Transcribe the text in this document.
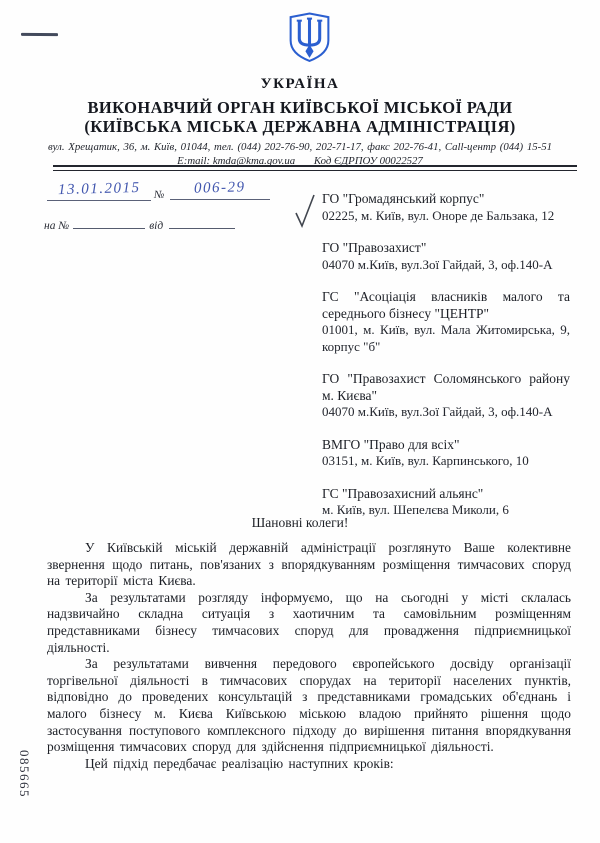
УКРАЇНА
ВИКОНАВЧИЙ ОРГАН КИЇВСЬКОЇ МІСЬКОЇ РАДИ
(КИЇВСЬКА МІСЬКА ДЕРЖАВНА АДМІНІСТРАЦІЯ)
вул. Хрещатик, 36, м. Київ, 01044, тел. (044) 202-76-90, 202-71-17, факс 202-76-41, Call-центр (044) 15-51
E:mail: kmda@kma.gov.ua Код ЄДРПОУ 00022527
13.01.2015	№	006-29
на №	від
ГО "Громадянський корпус"
02225, м. Київ, вул. Оноре де Бальзака, 12
ГО "Правозахист"
04070 м.Київ, вул.Зої Гайдай, 3, оф.140-А
ГС "Асоціація власників малого та середнього бізнесу "ЦЕНТР"
01001, м. Київ, вул. Мала Житомирська, 9, корпус "б"
ГО "Правозахист Соломянського району м. Києва"
04070 м.Київ, вул.Зої Гайдай, 3, оф.140-А
ВМГО "Право для всіх"
03151, м. Київ, вул. Карпинського, 10
ГС "Правозахисний альянс"
м. Київ, вул. Шепелєва Миколи, 6
Шановні колеги!

У Київській міській державній адміністрації розглянуто Ваше колективне звернення щодо питань, пов'язаних з впорядкуванням розміщення тимчасових споруд на території міста Києва.

За результатами розгляду інформуємо, що на сьогодні у місті склалась надзвичайно складна ситуація з хаотичним та самовільним розміщенням представниками бізнесу тимчасових споруд для провадження підприємницької діяльності.

За результатами вивчення передового європейського досвіду організації торгівельної діяльності в тимчасових спорудах на території населених пунктів, відповідно до проведених консультацій з представниками громадських об'єднань і малого бізнесу м. Києва Київською міською владою прийнято рішення щодо застосування поступового комплексного підходу до вирішення питання впорядкування розміщення тимчасових споруд для здійснення підприємницької діяльності.

Цей підхід передбачає реалізацію наступних кроків:

085665
